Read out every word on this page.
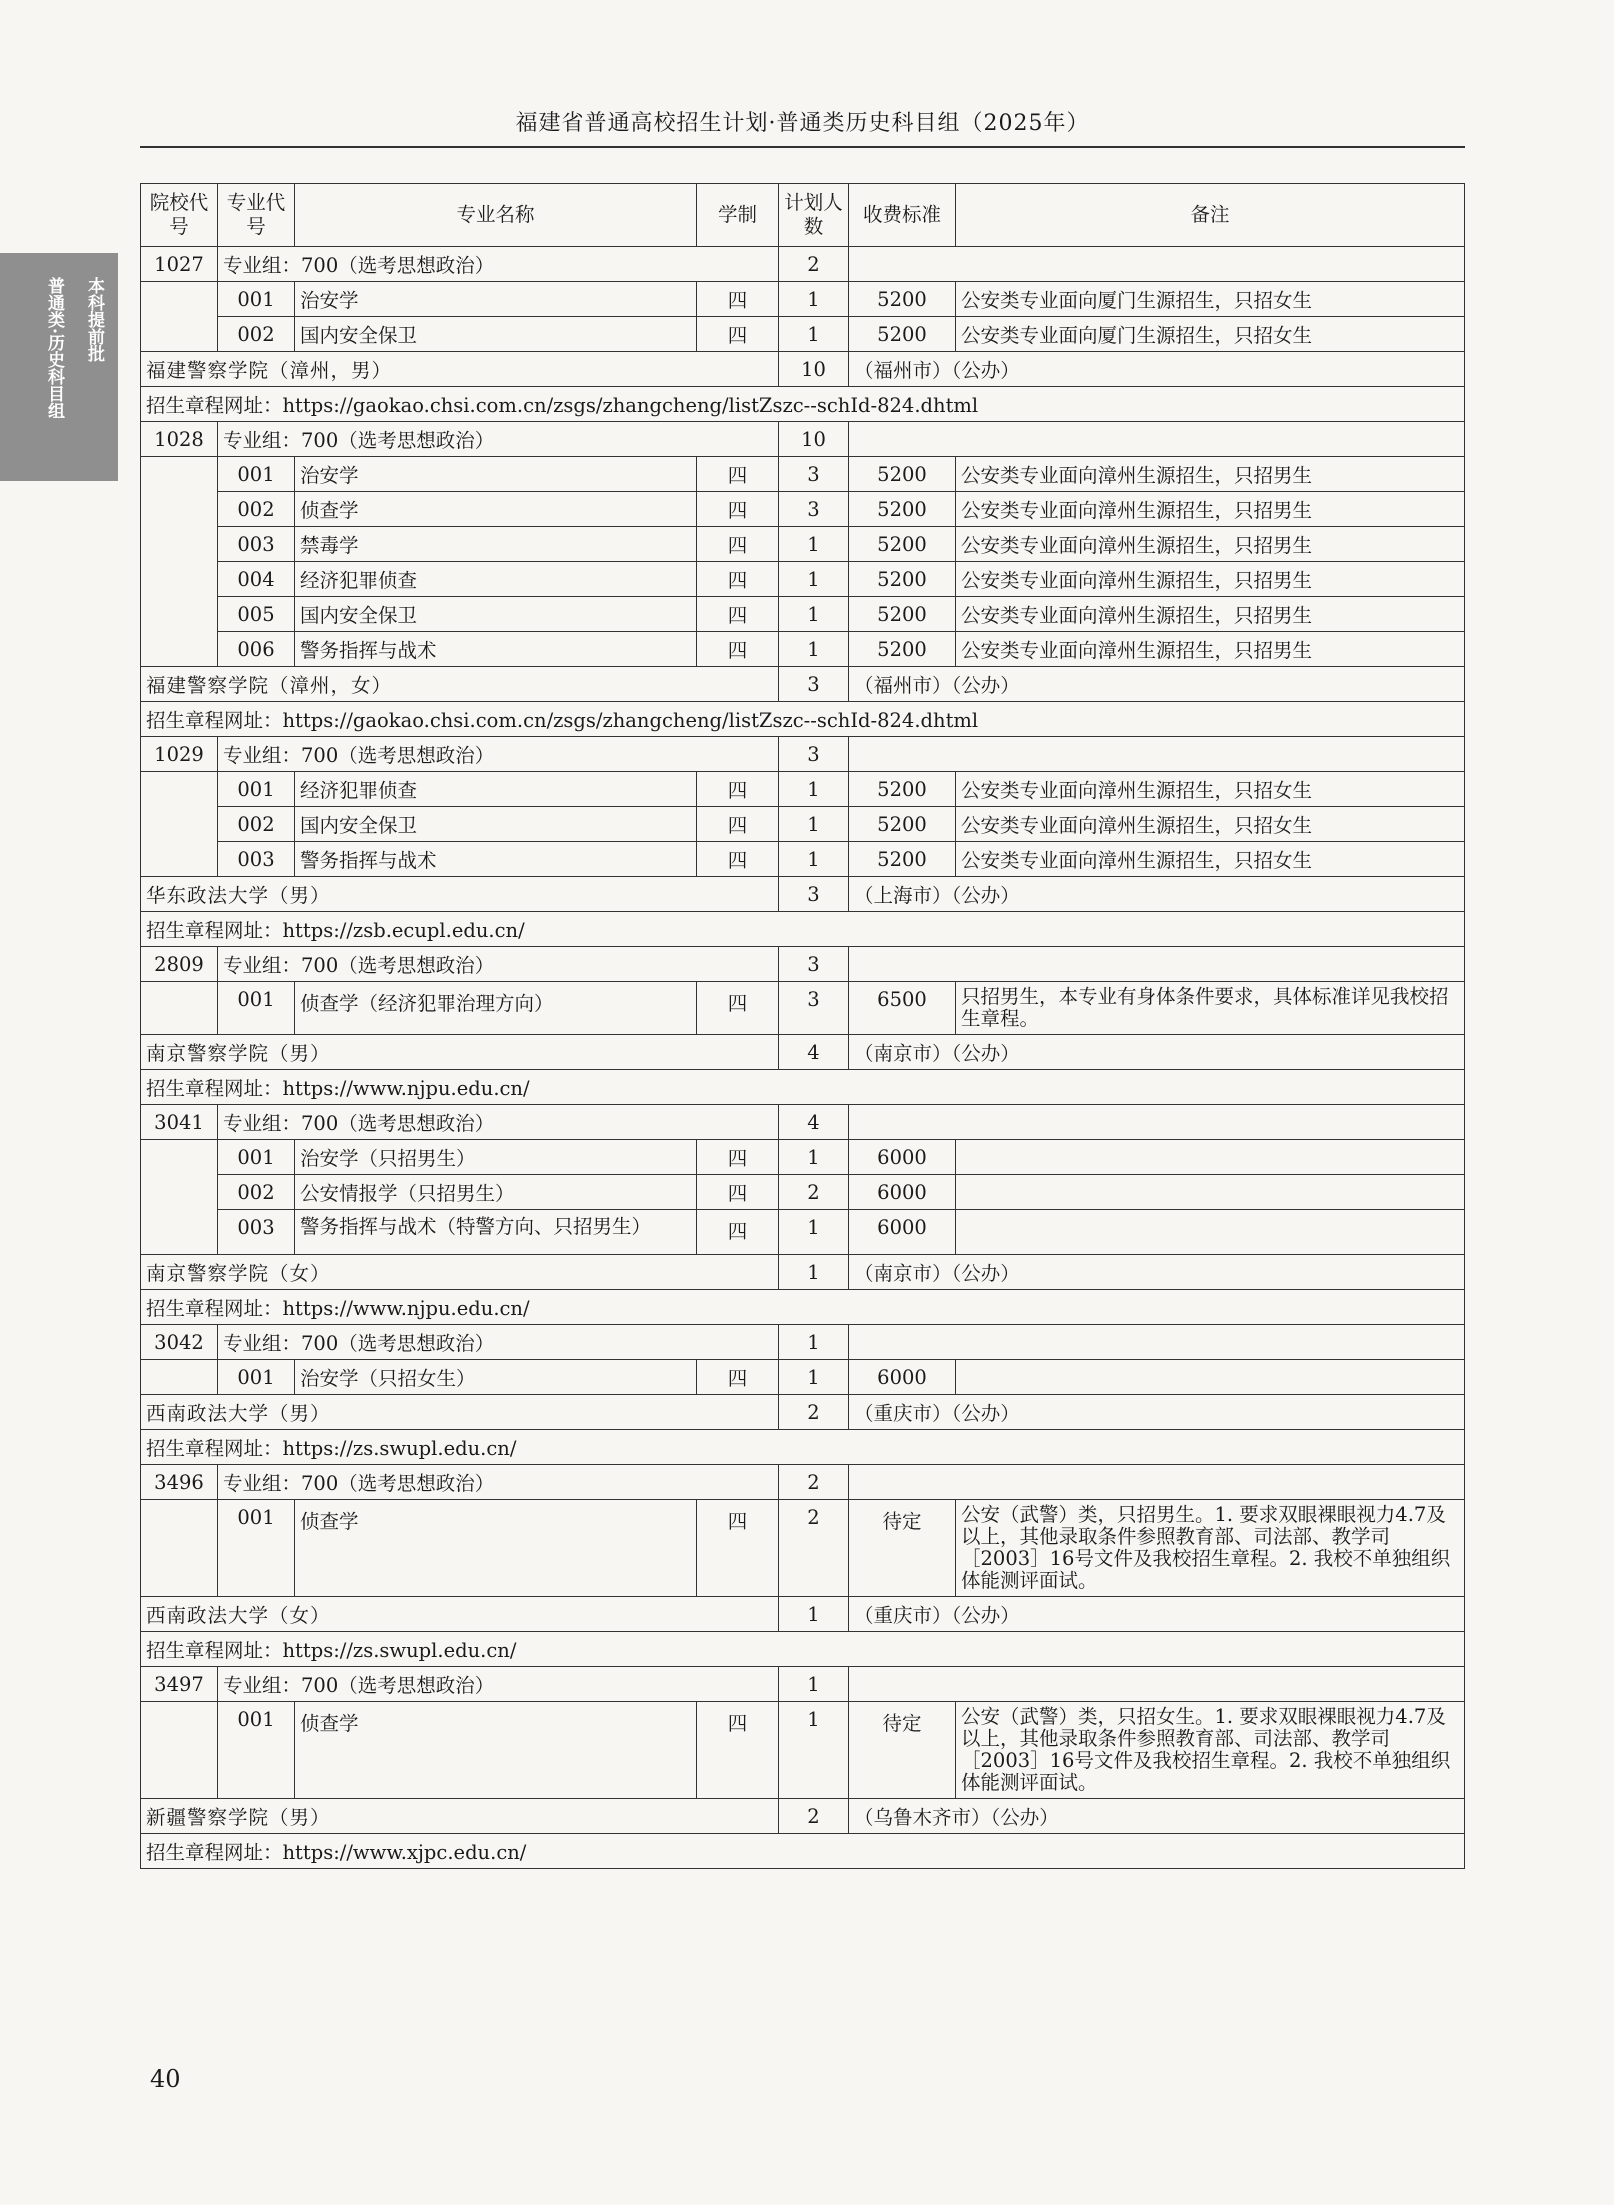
福建省普通高校招生计划·普通类历史科目组（2025年）
本科提前批
普通类·历史科目组
院校代号	专业代号	专业名称	学制	计划人数	收费标准	备注
1027	专业组：700（选考思想政治）			2		
	001	治安学	四	1	5200	公安类专业面向厦门生源招生，只招女生
	002	国内安全保卫	四	1	5200	公安类专业面向厦门生源招生，只招女生
福建警察学院（漳州，男）				10	（福州市）（公办）	
招生章程网址：https://gaokao.chsi.com.cn/zsgs/zhangcheng/listZszc--schId-824.dhtml						
1028	专业组：700（选考思想政治）			10		
	001	治安学	四	3	5200	公安类专业面向漳州生源招生，只招男生
	002	侦查学	四	3	5200	公安类专业面向漳州生源招生，只招男生
	003	禁毒学	四	1	5200	公安类专业面向漳州生源招生，只招男生
	004	经济犯罪侦查	四	1	5200	公安类专业面向漳州生源招生，只招男生
	005	国内安全保卫	四	1	5200	公安类专业面向漳州生源招生，只招男生
	006	警务指挥与战术	四	1	5200	公安类专业面向漳州生源招生，只招男生
福建警察学院（漳州，女）				3	（福州市）（公办）	
招生章程网址：https://gaokao.chsi.com.cn/zsgs/zhangcheng/listZszc--schId-824.dhtml						
1029	专业组：700（选考思想政治）			3		
	001	经济犯罪侦查	四	1	5200	公安类专业面向漳州生源招生，只招女生
	002	国内安全保卫	四	1	5200	公安类专业面向漳州生源招生，只招女生
	003	警务指挥与战术	四	1	5200	公安类专业面向漳州生源招生，只招女生
华东政法大学（男）				3	（上海市）（公办）	
招生章程网址：https://zsb.ecupl.edu.cn/						
2809	专业组：700（选考思想政治）			3		
	001	侦查学（经济犯罪治理方向）	四	3	6500	只招男生，本专业有身体条件要求，具体标准详见我校招生章程。
南京警察学院（男）				4	（南京市）（公办）	
招生章程网址：https://www.njpu.edu.cn/						
3041	专业组：700（选考思想政治）			4		
	001	治安学（只招男生）	四	1	6000	
	002	公安情报学（只招男生）	四	2	6000	
	003	警务指挥与战术（特警方向、只招男生）	四	1	6000	
南京警察学院（女）				1	（南京市）（公办）	
招生章程网址：https://www.njpu.edu.cn/						
3042	专业组：700（选考思想政治）			1		
	001	治安学（只招女生）	四	1	6000	
西南政法大学（男）				2	（重庆市）（公办）	
招生章程网址：https://zs.swupl.edu.cn/						
3496	专业组：700（选考思想政治）			2		
	001	侦查学	四	2	待定	公安（武警）类，只招男生。1. 要求双眼裸眼视力4.7及以上，其他录取条件参照教育部、司法部、教学司［2003］16号文件及我校招生章程。2. 我校不单独组织体能测评面试。
西南政法大学（女）				1	（重庆市）（公办）	
招生章程网址：https://zs.swupl.edu.cn/						
3497	专业组：700（选考思想政治）			1		
	001	侦查学	四	1	待定	公安（武警）类，只招女生。1. 要求双眼裸眼视力4.7及以上，其他录取条件参照教育部、司法部、教学司［2003］16号文件及我校招生章程。2. 我校不单独组织体能测评面试。
新疆警察学院（男）				2	（乌鲁木齐市）（公办）	
招生章程网址：https://www.xjpc.edu.cn/						
40
